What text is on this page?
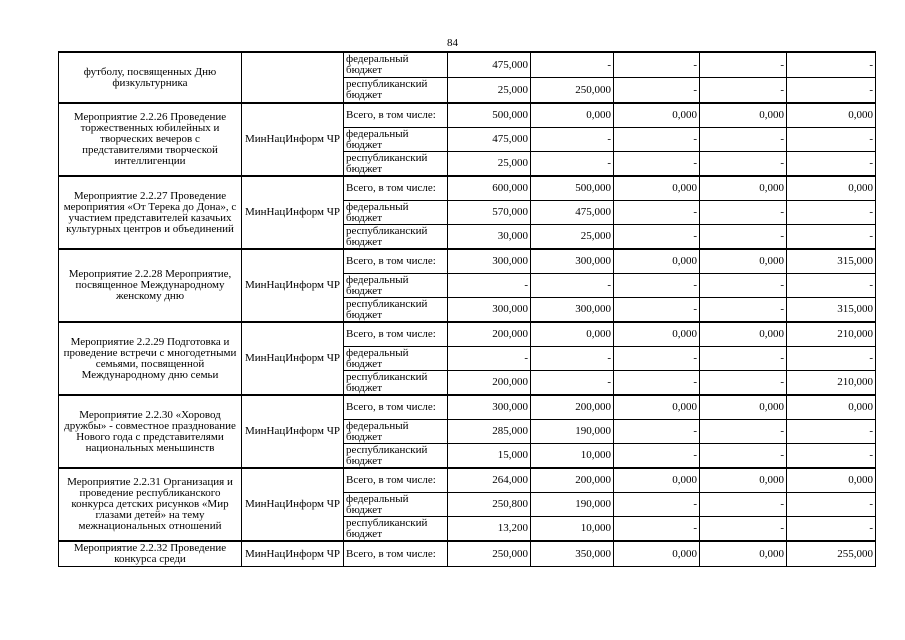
84
футболу, посвященных Дню физкультурника		федеральный бюджет	475,000	-	-	-	-
		республиканский бюджет	25,000	250,000	-	-	-
Мероприятие 2.2.26 Проведение торжественных юбилейных и творческих вечеров с представителями творческой интеллигенции	МинНацИнформ ЧР	Всего, в том числе:	500,000	0,000	0,000	0,000	0,000
		федеральный бюджет	475,000	-	-	-	-
		республиканский бюджет	25,000	-	-	-	-
Мероприятие 2.2.27 Проведение мероприятия «От Терека до Дона», с участием представителей казачьих культурных центров и объединений	МинНацИнформ ЧР	Всего, в том числе:	600,000	500,000	0,000	0,000	0,000
		федеральный бюджет	570,000	475,000	-	-	-
		республиканский бюджет	30,000	25,000	-	-	-
Мероприятие 2.2.28 Мероприятие, посвященное Международному женскому дню	МинНацИнформ ЧР	Всего, в том числе:	300,000	300,000	0,000	0,000	315,000
		федеральный бюджет	-	-	-	-	-
		республиканский бюджет	300,000	300,000	-	-	315,000
Мероприятие 2.2.29 Подготовка и проведение встречи с многодетными семьями, посвященной Международному дню семьи	МинНацИнформ ЧР	Всего, в том числе:	200,000	0,000	0,000	0,000	210,000
		федеральный бюджет	-	-	-	-	-
		республиканский бюджет	200,000	-	-	-	210,000
Мероприятие 2.2.30 «Хоровод дружбы» - совместное празднование Нового года с представителями национальных меньшинств	МинНацИнформ ЧР	Всего, в том числе:	300,000	200,000	0,000	0,000	0,000
		федеральный бюджет	285,000	190,000	-	-	-
		республиканский бюджет	15,000	10,000	-	-	-
Мероприятие 2.2.31 Организация и проведение республиканского конкурса детских рисунков «Мир глазами детей» на тему межнациональных отношений	МинНацИнформ ЧР	Всего, в том числе:	264,000	200,000	0,000	0,000	0,000
		федеральный бюджет	250,800	190,000	-	-	-
		республиканский бюджет	13,200	10,000	-	-	-
Мероприятие 2.2.32 Проведение конкурса среди	МинНацИнформ ЧР	Всего, в том числе:	250,000	350,000	0,000	0,000	255,000
